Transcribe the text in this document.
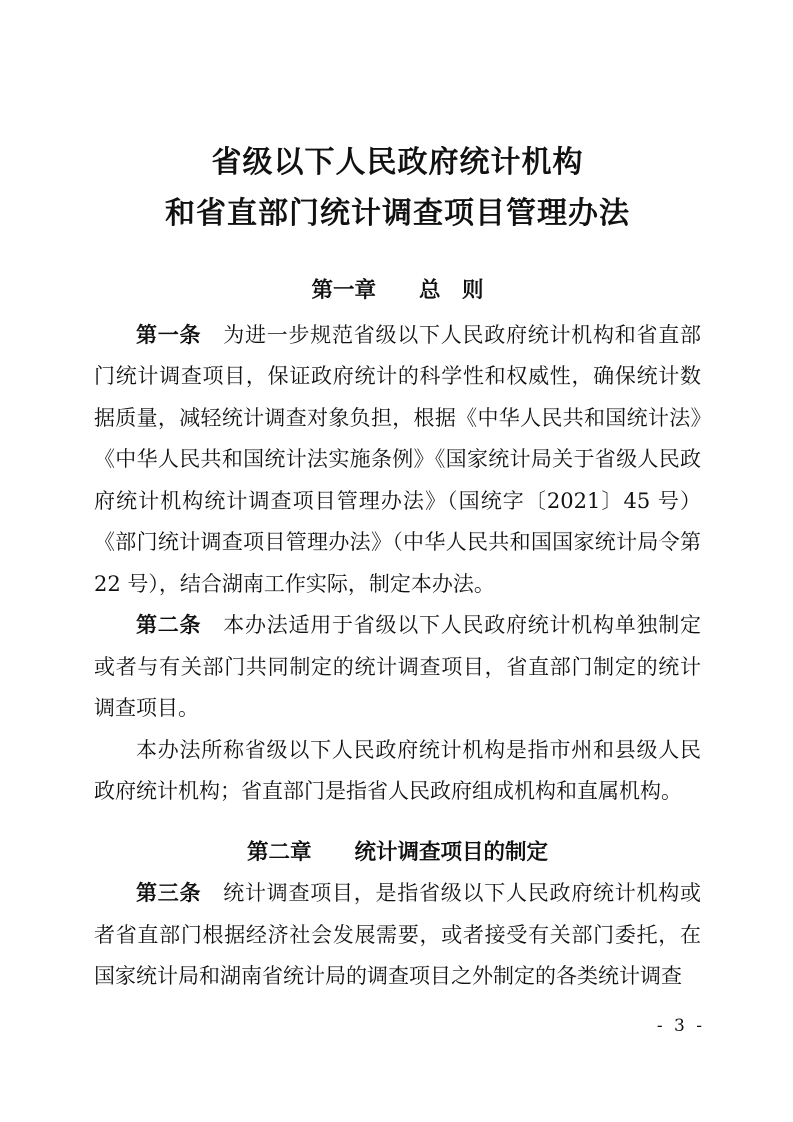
省级以下人民政府统计机构
和省直部门统计调查项目管理办法
第一章　　总　则

第一条 为进一步规范省级以下人民政府统计机构和省直部门统计调查项目，保证政府统计的科学性和权威性，确保统计数据质量，减轻统计调查对象负担，根据《中华人民共和国统计法》《中华人民共和国统计法实施条例》《国家统计局关于省级人民政府统计机构统计调查项目管理办法》（国统字〔2021〕45 号）《部门统计调查项目管理办法》（中华人民共和国国家统计局令第 22 号），结合湖南工作实际，制定本办法。

第二条 本办法适用于省级以下人民政府统计机构单独制定或者与有关部门共同制定的统计调查项目，省直部门制定的统计调查项目。

本办法所称省级以下人民政府统计机构是指市州和县级人民政府统计机构；省直部门是指省人民政府组成机构和直属机构。

第二章　　统计调查项目的制定

第三条 统计调查项目，是指省级以下人民政府统计机构或者省直部门根据经济社会发展需要，或者接受有关部门委托，在国家统计局和湖南省统计局的调查项目之外制定的各类统计调查

- 3 -
